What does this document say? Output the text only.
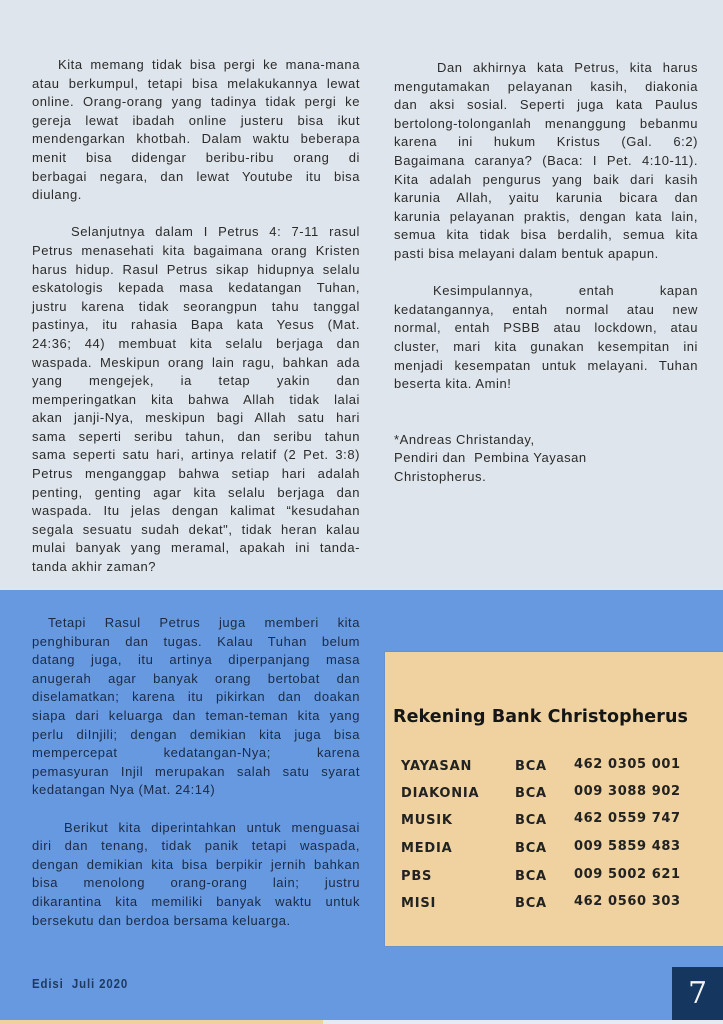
Kita memang tidak bisa pergi ke mana-mana
atau berkumpul, tetapi bisa melakukannya lewat
online. Orang-orang yang tadinya tidak pergi ke
gereja lewat ibadah online justeru bisa ikut
mendengarkan khotbah. Dalam waktu beberapa
menit bisa didengar beribu-ribu orang di
berbagai negara, dan lewat Youtube itu bisa
diulang.
Selanjutnya dalam I Petrus 4: 7-11 rasul
Petrus menasehati kita bagaimana orang Kristen
harus hidup. Rasul Petrus sikap hidupnya selalu
eskatologis kepada masa kedatangan Tuhan,
justru karena tidak seorangpun tahu tanggal
pastinya, itu rahasia Bapa kata Yesus (Mat.
24:36; 44) membuat kita selalu berjaga dan
waspada. Meskipun orang lain ragu, bahkan ada
yang mengejek, ia tetap yakin dan
memperingatkan kita bahwa Allah tidak lalai
akan janji-Nya, meskipun bagi Allah satu hari
sama seperti seribu tahun, dan seribu tahun
sama seperti satu hari, artinya relatif (2 Pet. 3:8)
Petrus menganggap bahwa setiap hari adalah
penting, genting agar kita selalu berjaga dan
waspada. Itu jelas dengan kalimat “kesudahan
segala sesuatu sudah dekat", tidak heran kalau
mulai banyak yang meramal, apakah ini tanda-
tanda akhir zaman?
Dan akhirnya kata Petrus, kita harus
mengutamakan pelayanan kasih, diakonia
dan aksi sosial. Seperti juga kata Paulus
bertolong-tolonganlah menanggung bebanmu
karena ini hukum Kristus (Gal. 6:2)
Bagaimana caranya? (Baca: I Pet. 4:10-11).
Kita adalah pengurus yang baik dari kasih
karunia Allah, yaitu karunia bicara dan
karunia pelayanan praktis, dengan kata lain,
semua kita tidak bisa berdalih, semua kita
pasti bisa melayani dalam bentuk apapun.
Kesimpulannya, entah kapan
kedatangannya, entah normal atau new
normal, entah PSBB atau lockdown, atau
cluster, mari kita gunakan kesempitan ini
menjadi kesempatan untuk melayani. Tuhan
beserta kita. Amin!
*Andreas Christanday,
Pendiri dan  Pembina Yayasan
Christopherus.
Tetapi Rasul Petrus juga memberi kita
penghiburan dan tugas. Kalau Tuhan belum
datang juga, itu artinya diperpanjang masa
anugerah agar banyak orang bertobat dan
diselamatkan; karena itu pikirkan dan doakan
siapa dari keluarga dan teman-teman kita yang
perlu diInjili; dengan demikian kita juga bisa
mempercepat kedatangan-Nya; karena
pemasyuran Injil merupakan salah satu syarat
kedatangan Nya (Mat. 24:14)
Berikut kita diperintahkan untuk menguasai
diri dan tenang, tidak panik tetapi waspada,
dengan demikian kita bisa berpikir jernih bahkan
bisa menolong orang-orang lain; justru
dikarantina kita memiliki banyak waktu untuk
bersekutu dan berdoa bersama keluarga.
Rekening Bank Christopherus
YAYASAN	BCA 462 0305 001
DIAKONIA	BCA 009 3088 902
MUSIK	BCA 462 0559 747
MEDIA	BCA 009 5859 483
PBS	BCA 009 5002 621
MISI	BCA 462 0560 303
Edisi  Juli 2020	7
